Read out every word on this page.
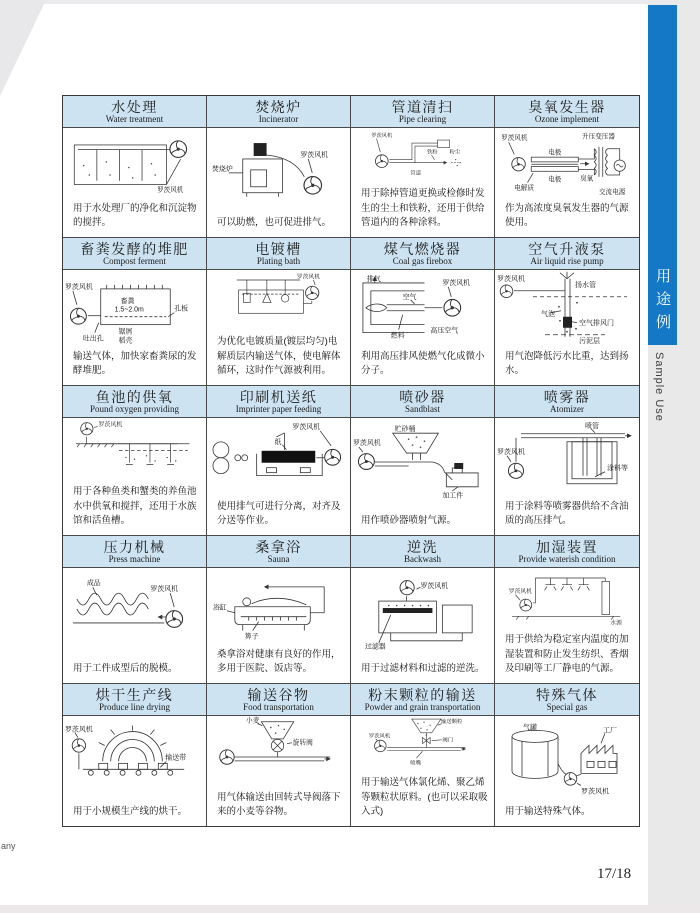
用途例
Sample Use
水处理
Water treatment
罗茨风机
用于水处理厂的净化和沉淀物的搅拌。
焚烧炉
Incinerator
焚烧炉
罗茨风机
可以助燃，也可促进排气。
管道清扫
Pipe clearing
罗茨风机
铁粉 粉尘
管道
用于除掉管道更换或检修时发生的尘土和铁粉，还用于供给管道内的各种涂料。
臭氧发生器
Ozone implement
罗茨风机	升压变压器
电极
电极	臭氧
电解质
交流电源
作为高浓度臭氧发生器的气源使用。
畜粪发酵的堆肥
Compost ferment
罗茨风机
畜粪
1.5~2.0m	孔板
吐出孔
锯屑
稻壳
输送气体，加快家畜粪尿的发酵堆肥。
电镀槽
Plating bath
罗茨风机
为优化电镀质量(镀层均匀)电解质层内输送气体，使电解体循环，这时作气源被利用。
煤气燃烧器
Coal gas firebox
排气
空气
罗茨风机
燃料
高压空气
利用高压排风使燃气化成微小分子。
空气升液泵
Air liquid rise pump
罗茨风机
扬水管
气泡
空气排风门
污泥层
用气泡降低污水比重，达到扬水。
鱼池的供氧
Pound oxygen providing
罗茨风机
用于各种鱼类和蟹类的养鱼池水中供氧和搅拌，还用于水族馆和活鱼槽。
印刷机送纸
Imprinter paper feeding
罗茨风机
纸
使用排气可进行分离，对齐及分送等作业。
喷砂器
Sandblast
贮砂桶
罗茨风机
加工件
用作喷砂器喷射气源。
喷雾器
Atomizer
喷管
罗茨风机
涂料等
用于涂料等喷雾器供给不含油质的高压排气。
压力机械
Press machine
成品
罗茨风机
用于工件成型后的脱模。
桑拿浴
Sauna
浴缸
箅子
桑拿浴对健康有良好的作用，多用于医院、饭店等。
逆洗
Backwash
罗茨风机
过滤器
用于过滤材料和过滤的逆洗。
加湿装置
Provide waterish condition
罗茨风机
水源
用于供给为稳定室内温度的加湿装置和防止发生纺织、香烟及印刷等工厂静电的气源。
烘干生产线
Produce line drying
罗茨风机
输送带
用于小规模生产线的烘干。
输送谷物
Food transportation
小麦
旋转阀
用气体输送由回转式导阀落下来的小麦等谷物。
粉末颗粒的输送
Powder and grain transportation
输送颗粒
阀门
罗茨风机
喷嘴
用于输送气体氯化烯、聚乙烯等颗粒状原料。(也可以采取吸入式)
特殊气体
Special gas
气罐	工厂
罗茨风机
用于输送特殊气体。
any
17/18
